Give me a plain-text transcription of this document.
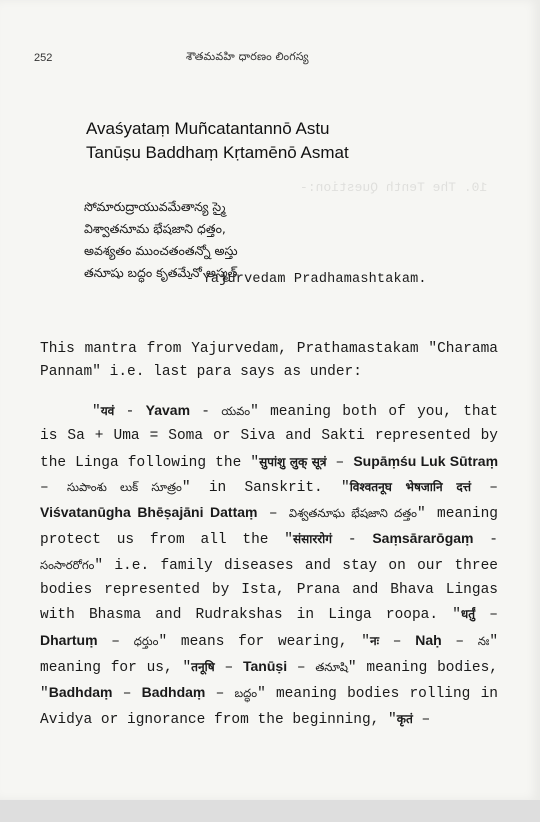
10. The Tenth Question:-
252	శౌతమవహి ధారణం లింగస్య
Avaśyataṃ Muñcatantannō Astu
Tanūṣu Baddhaṃ Kṛtamēnō Asmat
సోమారుద్రాయువమేతాన్య స్మై
విశ్వాతనూమ భేషజాని ధత్తం,
అవశ్యతం ముంచతంతన్నో అస్తు
తనూషు బద్ధం కృతమేనో అస్మత్
- Yajurvedam Pradhamashtakam.

This mantra from Yajurvedam, Prathamastakam "Charama Pannam" i.e. last para says as under:

"यवं - Yavam - యవం" meaning both of you, that is Sa + Uma = Soma or Siva and Sakti represented by the Linga following the "सुपांशु लुक् सूत्रं – Supāṃśu Luk Sūtraṃ – సుపాంశు లుక్ సూత్రం" in Sanskrit. "विश्वतनूघ भेषजानि दत्तं – Viśvatanūgha Bhēṣajāni Dattaṃ – విశ్వతనూఘ భేషజాని దత్తం" meaning protect us from all the "संसाररोगं - Saṃsārarōgaṃ - సంసారరోగం" i.e. family diseases and stay on our three bodies represented by Ista, Prana and Bhava Lingas with Bhasma and Rudrakshas in Linga roopa. "धर्तुं – Dhartuṃ – ధర్తుం" means for wearing, "नः – Naḥ – నః" meaning for us, "तनूषि – Tanūṣi – తనూషి" meaning bodies, "Badhdaṃ – Badhdaṃ – బద్ధం" meaning bodies rolling in Avidya or ignorance from the beginning, "कृतं –
